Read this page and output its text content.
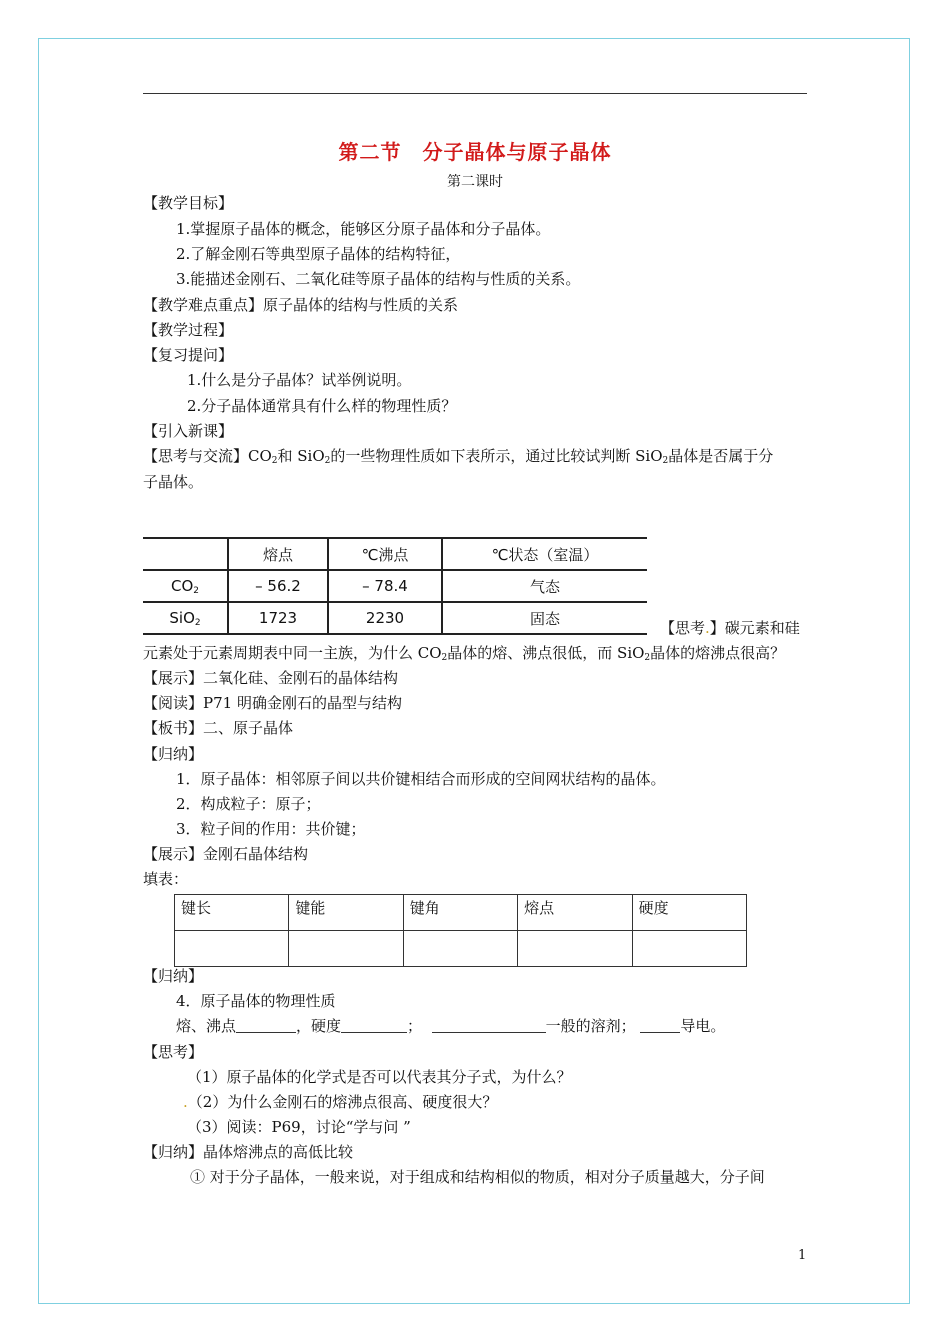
第二节　分子晶体与原子晶体
第二课时
【教学目标】
1.掌握原子晶体的概念，能够区分原子晶体和分子晶体。
2.了解金刚石等典型原子晶体的结构特征，
3.能描述金刚石、二氧化硅等原子晶体的结构与性质的关系。
【教学难点重点】原子晶体的结构与性质的关系
【教学过程】
【复习提问】
1.什么是分子晶体？试举例说明。
2.分子晶体通常具有什么样的物理性质？
【引入新课】
【思考与交流】$CO_2$和 SiO$_2$的一些物理性质如下表所示，通过比较试判断 SiO$_2$晶体是否属于分
子晶体。
	熔点	℃沸点	℃状态（室温）
$CO_2$	– 56.2	– 78.4	气态
SiO$_2$	1723	2230	固态
【思考.】碳元素和硅
元素处于元素周期表中同一主族，为什么 $CO_2$晶体的熔、沸点很低，而 SiO$_2$晶体的熔沸点很高？
【展示】二氧化硅、金刚石的晶体结构
【阅读】P71 明确金刚石的晶型与结构
【板书】二、原子晶体
【归纳】
1．原子晶体：相邻原子间以共价键相结合而形成的空间网状结构的晶体。
2．构成粒子：原子；
3．粒子间的作用：共价键；
【展示】金刚石晶体结构
填表：
键长	键能	键角	熔点	硬度

【归纳】
4．原子晶体的物理性质
熔、沸点	，硬度	；	一般的溶剂；	导电。
【思考】
（1）原子晶体的化学式是否可以代表其分子式，为什么？
.（2）为什么金刚石的熔沸点很高、硬度很大？
（3）阅读：P69，讨论“学与问 ”
【归纳】晶体熔沸点的高低比较
① 对于分子晶体，一般来说，对于组成和结构相似的物质，相对分子质量越大，分子间
1
